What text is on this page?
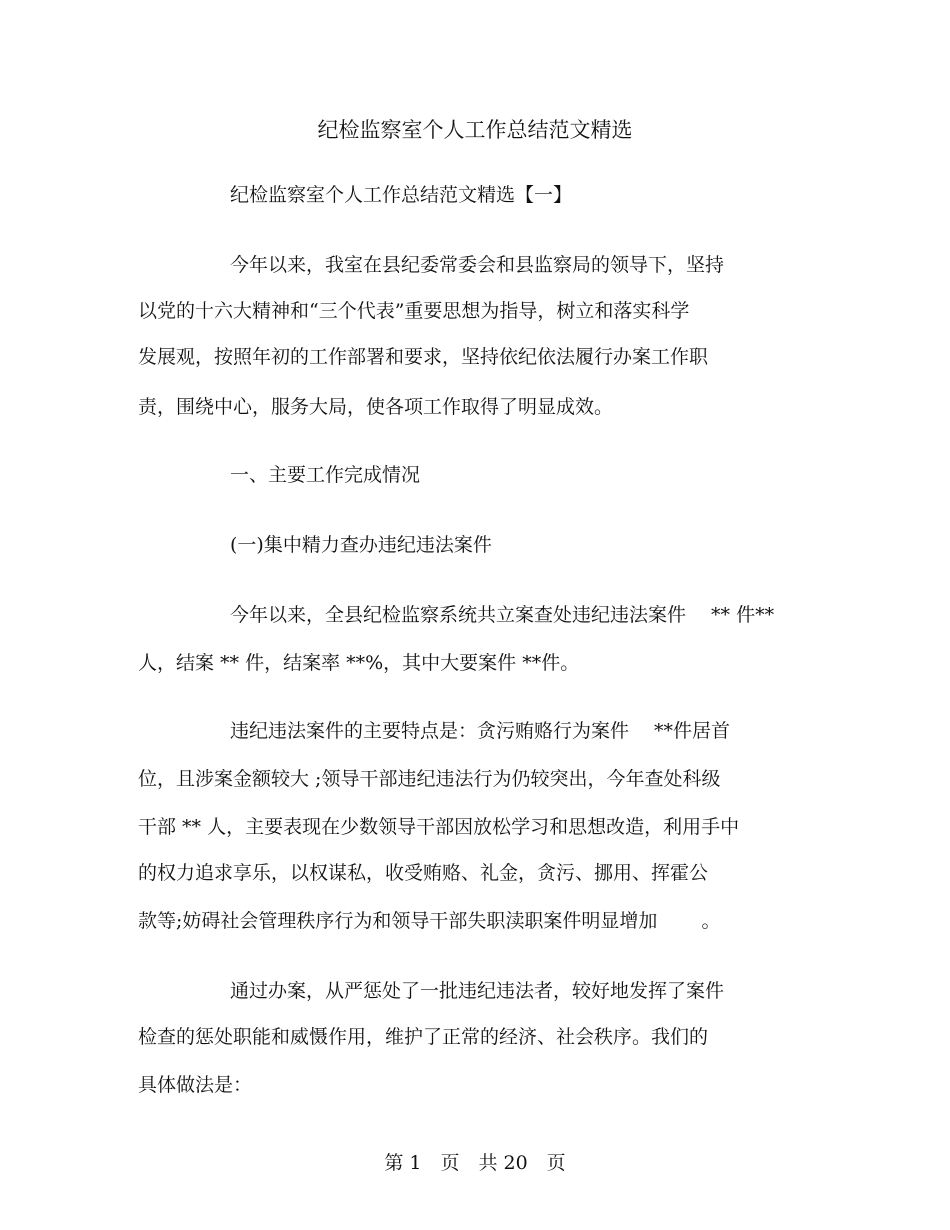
纪检监察室个人工作总结范文精选
纪检监察室个人工作总结范文精选【一】
今年以来，我室在县纪委常委会和县监察局的领导下，坚持
以党的十六大精神和“三个代表”重要思想为指导，树立和落实科学
发展观，按照年初的工作部署和要求，坚持依纪依法履行办案工作职
责，围绕中心，服务大局，使各项工作取得了明显成效。
一、主要工作完成情况
(一)集中精力查办违纪违法案件
今年以来，全县纪检监察系统共立案查处违纪违法案件 　** 件**
人，结案 ** 件，结案率 **%，其中大要案件 **件。
违纪违法案件的主要特点是：贪污贿赂行为案件 　**件居首
位，且涉案金额较大 ;领导干部违纪违法行为仍较突出，今年查处科级
干部 ** 人，主要表现在少数领导干部因放松学习和思想改造，利用手中
的权力追求享乐，以权谋私，收受贿赂、礼金，贪污、挪用、挥霍公
款等;妨碍社会管理秩序行为和领导干部失职渎职案件明显增加 　　。
通过办案，从严惩处了一批违纪违法者，较好地发挥了案件
检查的惩处职能和威慑作用，维护了正常的经济、社会秩序。我们的
具体做法是：
第 1　页　共 20　页
